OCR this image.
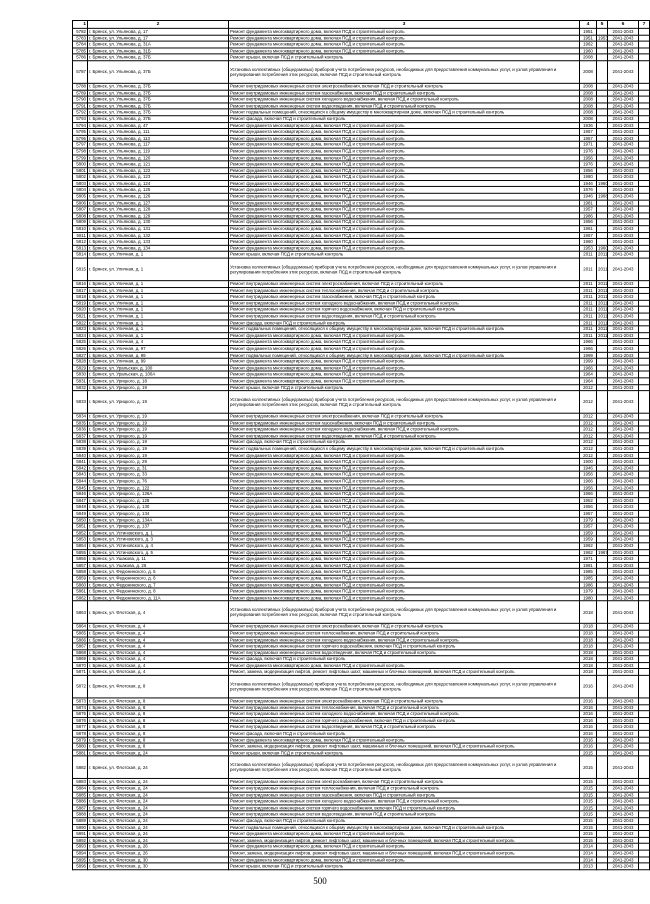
1	2	3	4	5	6	7
5782	г. Брянск, ул. Ульянова, д. 17	Ремонт фундамента многоквартирного дома, включая ПСД и строительный контроль	1951		2041-2043	
5783	г. Брянск, ул. Ульянова, д. 17	Ремонт фундамента многоквартирного дома, включая ПСД и строительный контроль	1951	1953	2041-2043	
5784	г. Брянск, ул. Ульянова, д. 31А	Ремонт фундамента многоквартирного дома, включая ПСД и строительный контроль	1962		2041-2043	
5785	г. Брянск, ул. Ульянова, д. 31Б	Ремонт фундамента многоквартирного дома, включая ПСД и строительный контроль	1960		2041-2043	
5786	г. Брянск, ул. Ульянова, д. 37Б	Ремонт крыши, включая ПСД и строительный контроль	2008		2041-2043	
5787	г. Брянск, ул. Ульянова, д. 37Б	Установка коллективных (общедомовых) приборов учета потребления ресурсов, необходимых для предоставления коммунальных услуг, и узлов управления и регулирования потребления этих ресурсов, включая ПСД и строительный контроль	2008		2041-2043	
5788	г. Брянск, ул. Ульянова, д. 37Б	Ремонт внутридомовых инженерных систем электроснабжения, включая ПСД и строительный контроль	2008		2041-2043	
5789	г. Брянск, ул. Ульянова, д. 37Б	Ремонт внутридомовых инженерных систем газоснабжения, включая ПСД и строительный контроль	2008		2041-2043	
5790	г. Брянск, ул. Ульянова, д. 37Б	Ремонт внутридомовых инженерных систем холодного водоснабжения, включая ПСД и строительный контроль	2008		2041-2043	
5791	г. Брянск, ул. Ульянова, д. 37Б	Ремонт внутридомовых инженерных систем водоотведения, включая ПСД и строительный контроль	2008		2041-2043	
5792	г. Брянск, ул. Ульянова, д. 37Б	Ремонт подвальных помещений, относящихся к общему имуществу в многоквартирном доме, включая ПСД и строительный контроль	2008		2041-2043	
5793	г. Брянск, ул. Ульянова, д. 37Б	Ремонт фасада, включая ПСД и строительный контроль	2008		2041-2043	
5794	г. Брянск, ул. Ульянова, д. 47	Ремонт фундамента многоквартирного дома, включая ПСД и строительный контроль	1936		2041-2043	
5795	г. Брянск, ул. Ульянова, д. 111	Ремонт фундамента многоквартирного дома, включая ПСД и строительный контроль	1957		2041-2043	
5796	г. Брянск, ул. Ульянова, д. 113	Ремонт фундамента многоквартирного дома, включая ПСД и строительный контроль	1957		2041-2043	
5797	г. Брянск, ул. Ульянова, д. 117	Ремонт фундамента многоквартирного дома, включая ПСД и строительный контроль	1971		2041-2043	
5798	г. Брянск, ул. Ульянова, д. 119	Ремонт фундамента многоквартирного дома, включая ПСД и строительный контроль	1976		2041-2043	
5799	г. Брянск, ул. Ульянова, д. 120	Ремонт фундамента многоквартирного дома, включая ПСД и строительный контроль	1956		2041-2043	
5800	г. Брянск, ул. Ульянова, д. 121	Ремонт фундамента многоквартирного дома, включая ПСД и строительный контроль	1976		2041-2043	
5801	г. Брянск, ул. Ульянова, д. 122	Ремонт фундамента многоквартирного дома, включая ПСД и строительный контроль	1956		2041-2043	
5802	г. Брянск, ул. Ульянова, д. 123	Ремонт фундамента многоквартирного дома, включая ПСД и строительный контроль	1980		2041-2043	
5803	г. Брянск, ул. Ульянова, д. 124	Ремонт фундамента многоквартирного дома, включая ПСД и строительный контроль	1946	1960	2041-2043	
5804	г. Брянск, ул. Ульянова, д. 125	Ремонт фундамента многоквартирного дома, включая ПСД и строительный контроль	1976		2041-2043	
5805	г. Брянск, ул. Ульянова, д. 126	Ремонт фундамента многоквартирного дома, включая ПСД и строительный контроль	1946	1968	2041-2043	
5806	г. Брянск, ул. Ульянова, д. 127	Ремонт фундамента многоквартирного дома, включая ПСД и строительный контроль	1981		2041-2043	
5807	г. Брянск, ул. Ульянова, д. 128	Ремонт фундамента многоквартирного дома, включая ПСД и строительный контроль	1957		2041-2043	
5808	г. Брянск, ул. Ульянова, д. 129	Ремонт фундамента многоквартирного дома, включая ПСД и строительный контроль	1986		2041-2043	
5809	г. Брянск, ул. Ульянова, д. 130	Ремонт фундамента многоквартирного дома, включая ПСД и строительный контроль	1956		2041-2043	
5810	г. Брянск, ул. Ульянова, д. 131	Ремонт фундамента многоквартирного дома, включая ПСД и строительный контроль	1961		2041-2043	
5811	г. Брянск, ул. Ульянова, д. 132	Ремонт фундамента многоквартирного дома, включая ПСД и строительный контроль	1957		2041-2043	
5812	г. Брянск, ул. Ульянова, д. 133	Ремонт фундамента многоквартирного дома, включая ПСД и строительный контроль	1960		2041-2043	
5813	г. Брянск, ул. Ульянова, д. 134	Ремонт фундамента многоквартирного дома, включая ПСД и строительный контроль	1953	1960	2041-2043	
5814	г. Брянск, ул. Уличная, д. 1	Ремонт крыши, включая ПСД и строительный контроль	2011	2011	2041-2043	
5815	г. Брянск, ул. Уличная, д. 1	Установка коллективных (общедомовых) приборов учета потребления ресурсов, необходимых для предоставления коммунальных услуг, и узлов управления и регулирования потребления этих ресурсов, включая ПСД и строительный контроль	2011	2011	2041-2043	
5816	г. Брянск, ул. Уличная, д. 1	Ремонт внутридомовых инженерных систем электроснабжения, включая ПСД и строительный контроль	2011	2011	2041-2043	
5817	г. Брянск, ул. Уличная, д. 1	Ремонт внутридомовых инженерных систем теплоснабжения, включая ПСД и строительный контроль	2011	2011	2041-2043	
5818	г. Брянск, ул. Уличная, д. 1	Ремонт внутридомовых инженерных систем газоснабжения, включая ПСД и строительный контроль	2011	2011	2041-2043	
5819	г. Брянск, ул. Уличная, д. 1	Ремонт внутридомовых инженерных систем холодного водоснабжения, включая ПСД и строительный контроль	2011	2011	2041-2043	
5820	г. Брянск, ул. Уличная, д. 1	Ремонт внутридомовых инженерных систем горячего водоснабжения, включая ПСД и строительный контроль	2011	2011	2041-2043	
5821	г. Брянск, ул. Уличная, д. 1	Ремонт внутридомовых инженерных систем водоотведения, включая ПСД и строительный контроль	2011	2011	2041-2043	
5822	г. Брянск, ул. Уличная, д. 1	Ремонт фасада, включая ПСД и строительный контроль	2011	2011	2041-2043	
5823	г. Брянск, ул. Уличная, д. 1	Ремонт подвальных помещений, относящихся к общему имуществу в многоквартирном доме, включая ПСД и строительный контроль	2011	2011	2041-2043	
5824	г. Брянск, ул. Уличная, д. 1	Ремонт фундамента многоквартирного дома, включая ПСД и строительный контроль	2011	2011	2041-2043	
5825	г. Брянск, ул. Уличная, д. 4	Ремонт фундамента многоквартирного дома, включая ПСД и строительный контроль	1966		2041-2043	
5826	г. Брянск, ул. Уличная, д. 97	Ремонт фундамента многоквартирного дома, включая ПСД и строительный контроль	1966		2041-2043	
5827	г. Брянск, ул. Уличная, д. 99	Ремонт подвальных помещений, относящихся к общему имуществу в многоквартирном доме, включая ПСД и строительный контроль	1999		2041-2043	
5828	г. Брянск, ул. Уличная, д. 99	Ремонт фундамента многоквартирного дома, включая ПСД и строительный контроль	1999		2041-2043	
5829	г. Брянск, ул. Уральская, д. 100	Ремонт фундамента многоквартирного дома, включая ПСД и строительный контроль	1966		2041-2043	
5830	г. Брянск, ул. Уральская, д. 100А	Ремонт фундамента многоквартирного дома, включая ПСД и строительный контроль	1964		2041-2043	
5831	г. Брянск, ул. Урицкого, д. 18	Ремонт фундамента многоквартирного дома, включая ПСД и строительный контроль	1964		2041-2043	
5832	г. Брянск, ул. Урицкого, д. 19	Ремонт крыши, включая ПСД и строительный контроль	2012		2041-2043	
5833	г. Брянск, ул. Урицкого, д. 19	Установка коллективных (общедомовых) приборов учета потребления ресурсов, необходимых для предоставления коммунальных услуг, и узлов управления и регулирования потребления этих ресурсов, включая ПСД и строительный контроль	2012		2041-2043	
5834	г. Брянск, ул. Урицкого, д. 19	Ремонт внутридомовых инженерных систем электроснабжения, включая ПСД и строительный контроль	2012		2041-2043	
5835	г. Брянск, ул. Урицкого, д. 19	Ремонт внутридомовых инженерных систем газоснабжения, включая ПСД и строительный контроль	2012		2041-2043	
5836	г. Брянск, ул. Урицкого, д. 19	Ремонт внутридомовых инженерных систем холодного водоснабжения, включая ПСД и строительный контроль	2012		2041-2043	
5837	г. Брянск, ул. Урицкого, д. 19	Ремонт внутридомовых инженерных систем водоотведения, включая ПСД и строительный контроль	2012		2041-2043	
5838	г. Брянск, ул. Урицкого, д. 19	Ремонт фасада, включая ПСД и строительный контроль	2012		2041-2043	
5839	г. Брянск, ул. Урицкого, д. 19	Ремонт подвальных помещений, относящихся к общему имуществу в многоквартирном доме, включая ПСД и строительный контроль	2012		2041-2043	
5840	г. Брянск, ул. Урицкого, д. 19	Ремонт фундамента многоквартирного дома, включая ПСД и строительный контроль	2012		2041-2043	
5841	г. Брянск, ул. Урицкого, д. 29	Ремонт фундамента многоквартирного дома, включая ПСД и строительный контроль	1900		2041-2043	
5842	г. Брянск, ул. Урицкого, д. 31	Ремонт фундамента многоквартирного дома, включая ПСД и строительный контроль	1946		2041-2043	
5843	г. Брянск, ул. Урицкого, д. 33	Ремонт фундамента многоквартирного дома, включая ПСД и строительный контроль	1956		2041-2043	
5844	г. Брянск, ул. Урицкого, д. 76	Ремонт фундамента многоквартирного дома, включая ПСД и строительный контроль	1966		2041-2043	
5845	г. Брянск, ул. Урицкого, д. 122	Ремонт фундамента многоквартирного дома, включая ПСД и строительный контроль	1956		2041-2043	
5846	г. Брянск, ул. Урицкого, д. 126А	Ремонт фундамента многоквартирного дома, включая ПСД и строительный контроль	1966		2041-2043	
5847	г. Брянск, ул. Урицкого, д. 128	Ремонт фундамента многоквартирного дома, включая ПСД и строительный контроль	1952		2041-2043	
5848	г. Брянск, ул. Урицкого, д. 130	Ремонт фундамента многоквартирного дома, включая ПСД и строительный контроль	1956		2041-2043	
5849	г. Брянск, ул. Урицкого, д. 134	Ремонт фундамента многоквартирного дома, включая ПСД и строительный контроль	1957		2041-2043	
5850	г. Брянск, ул. Урицкого, д. 134А	Ремонт фундамента многоквартирного дома, включая ПСД и строительный контроль	1979		2041-2043	
5851	г. Брянск, ул. Урицкого, д. 137	Ремонт фундамента многоквартирного дома, включая ПСД и строительный контроль	1957		2041-2043	
5852	г. Брянск, ул. Устиновского, д. 1	Ремонт фундамента многоквартирного дома, включая ПСД и строительный контроль	1959		2041-2043	
5853	г. Брянск, ул. Устиновского, д. 3	Ремонт фундамента многоквартирного дома, включая ПСД и строительный контроль	1959		2041-2043	
5854	г. Брянск, ул. Устиновского, д. 4	Ремонт фундамента многоквартирного дома, включая ПСД и строительный контроль	1962		2041-2043	
5855	г. Брянск, ул. Устиновского, д. 5	Ремонт фундамента многоквартирного дома, включая ПСД и строительный контроль	1962	1967	2041-2043	
5856	г. Брянск, ул. Ушакова, д. 11	Ремонт фундамента многоквартирного дома, включая ПСД и строительный контроль	1971		2041-2043	
5857	г. Брянск, ул. Ушакова, д. 26	Ремонт фундамента многоквартирного дома, включая ПСД и строительный контроль	1981		2041-2043	
5858	г. Брянск, ул. Федюнинского, д. 5	Ремонт фундамента многоквартирного дома, включая ПСД и строительный контроль	1985		2041-2043	
5859	г. Брянск, ул. Федюнинского, д. 6	Ремонт фундамента многоквартирного дома, включая ПСД и строительный контроль	1985		2041-2043	
5860	г. Брянск, ул. Федюнинского, д. 7	Ремонт фундамента многоквартирного дома, включая ПСД и строительный контроль	1986		2041-2043	
5861	г. Брянск, ул. Федюнинского, д. 8	Ремонт фундамента многоквартирного дома, включая ПСД и строительный контроль	1979		2041-2043	
5862	г. Брянск, ул. Федюнинского, д. 11А	Ремонт фундамента многоквартирного дома, включая ПСД и строительный контроль	1980		2041-2043	
5863	г. Брянск, ул. Флотская, д. 4	Установка коллективных (общедомовых) приборов учета потребления ресурсов, необходимых для предоставления коммунальных услуг, и узлов управления и регулирования потребления этих ресурсов, включая ПСД и строительный контроль	2018		2041-2043	
5864	г. Брянск, ул. Флотская, д. 4	Ремонт внутридомовых инженерных систем электроснабжения, включая ПСД и строительный контроль	2018		2041-2043	
5865	г. Брянск, ул. Флотская, д. 4	Ремонт внутридомовых инженерных систем теплоснабжения, включая ПСД и строительный контроль	2018		2041-2043	
5866	г. Брянск, ул. Флотская, д. 4	Ремонт внутридомовых инженерных систем холодного водоснабжения, включая ПСД и строительный контроль	2018		2041-2043	
5867	г. Брянск, ул. Флотская, д. 4	Ремонт внутридомовых инженерных систем горячего водоснабжения, включая ПСД и строительный контроль	2018		2041-2043	
5868	г. Брянск, ул. Флотская, д. 4	Ремонт внутридомовых инженерных систем водоотведения, включая ПСД и строительный контроль	2018		2041-2043	
5869	г. Брянск, ул. Флотская, д. 4	Ремонт фасада, включая ПСД и строительный контроль	2018		2041-2043	
5870	г. Брянск, ул. Флотская, д. 4	Ремонт фундамента многоквартирного дома, включая ПСД и строительный контроль	2018		2041-2043	
5871	г. Брянск, ул. Флотская, д. 4	Ремонт, замена, модернизация лифтов, ремонт лифтовых шахт, машинных и блочных помещений, включая ПСД и строительный контроль	2018		2041-2043	
5872	г. Брянск, ул. Флотская, д. 8	Установка коллективных (общедомовых) приборов учета потребления ресурсов, необходимых для предоставления коммунальных услуг, и узлов управления и регулирования потребления этих ресурсов, включая ПСД и строительный контроль	2016		2041-2043	
5873	г. Брянск, ул. Флотская, д. 8	Ремонт внутридомовых инженерных систем электроснабжения, включая ПСД и строительный контроль	2016		2041-2043	
5874	г. Брянск, ул. Флотская, д. 8	Ремонт внутридомовых инженерных систем теплоснабжения, включая ПСД и строительный контроль	2016		2041-2043	
5875	г. Брянск, ул. Флотская, д. 8	Ремонт внутридомовых инженерных систем холодного водоснабжения, включая ПСД и строительный контроль	2016		2041-2043	
5876	г. Брянск, ул. Флотская, д. 8	Ремонт внутридомовых инженерных систем горячего водоснабжения, включая ПСД и строительный контроль	2016		2041-2043	
5877	г. Брянск, ул. Флотская, д. 8	Ремонт внутридомовых инженерных систем водоотведения, включая ПСД и строительный контроль	2016		2041-2043	
5878	г. Брянск, ул. Флотская, д. 8	Ремонт фасада, включая ПСД и строительный контроль	2016		2041-2043	
5879	г. Брянск, ул. Флотская, д. 8	Ремонт фундамента многоквартирного дома, включая ПСД и строительный контроль	2016		2041-2043	
5880	г. Брянск, ул. Флотская, д. 8	Ремонт, замена, модернизация лифтов, ремонт лифтовых шахт, машинных и блочных помещений, включая ПСД и строительный контроль	2016		2041-2043	
5881	г. Брянск, ул. Флотская, д. 24	Ремонт крыши, включая ПСД и строительный контроль	2015		2041-2043	
5882	г. Брянск, ул. Флотская, д. 24	Установка коллективных (общедомовых) приборов учета потребления ресурсов, необходимых для предоставления коммунальных услуг, и узлов управления и регулирования потребления этих ресурсов, включая ПСД и строительный контроль	2015		2041-2043	
5883	г. Брянск, ул. Флотская, д. 24	Ремонт внутридомовых инженерных систем электроснабжения, включая ПСД и строительный контроль	2015		2041-2043	
5884	г. Брянск, ул. Флотская, д. 24	Ремонт внутридомовых инженерных систем теплоснабжения, включая ПСД и строительный контроль	2015		2041-2043	
5885	г. Брянск, ул. Флотская, д. 24	Ремонт внутридомовых инженерных систем газоснабжения, включая ПСД и строительный контроль	2015		2041-2043	
5886	г. Брянск, ул. Флотская, д. 24	Ремонт внутридомовых инженерных систем холодного водоснабжения, включая ПСД и строительный контроль	2015		2041-2043	
5887	г. Брянск, ул. Флотская, д. 24	Ремонт внутридомовых инженерных систем горячего водоснабжения, включая ПСД и строительный контроль	2015		2041-2043	
5888	г. Брянск, ул. Флотская, д. 24	Ремонт внутридомовых инженерных систем водоотведения, включая ПСД и строительный контроль	2015		2041-2043	
5889	г. Брянск, ул. Флотская, д. 24	Ремонт фасада, включая ПСД и строительный контроль	2015		2041-2043	
5890	г. Брянск, ул. Флотская, д. 24	Ремонт подвальных помещений, относящихся к общему имуществу в многоквартирном доме, включая ПСД и строительный контроль	2015		2041-2043	
5891	г. Брянск, ул. Флотская, д. 24	Ремонт фундамента многоквартирного дома, включая ПСД и строительный контроль	2015		2041-2043	
5892	г. Брянск, ул. Флотская, д. 24	Ремонт, замена, модернизация лифтов, ремонт лифтовых шахт, машинных и блочных помещений, включая ПСД и строительный контроль	2015		2041-2043	
5893	г. Брянск, ул. Флотская, д. 26	Ремонт фундамента многоквартирного дома, включая ПСД и строительный контроль	2014		2041-2043	
5894	г. Брянск, ул. Флотская, д. 26	Ремонт, замена, модернизация лифтов, ремонт лифтовых шахт, машинных и блочных помещений, включая ПСД и строительный контроль	2014		2041-2043	
5895	г. Брянск, ул. Флотская, д. 30	Ремонт фундамента многоквартирного дома, включая ПСД и строительный контроль	2014		2041-2043	
5896	г. Брянск, ул. Флотская, д. 30	Ремонт крыши, включая ПСД и строительный контроль	2013		2041-2043	
500
